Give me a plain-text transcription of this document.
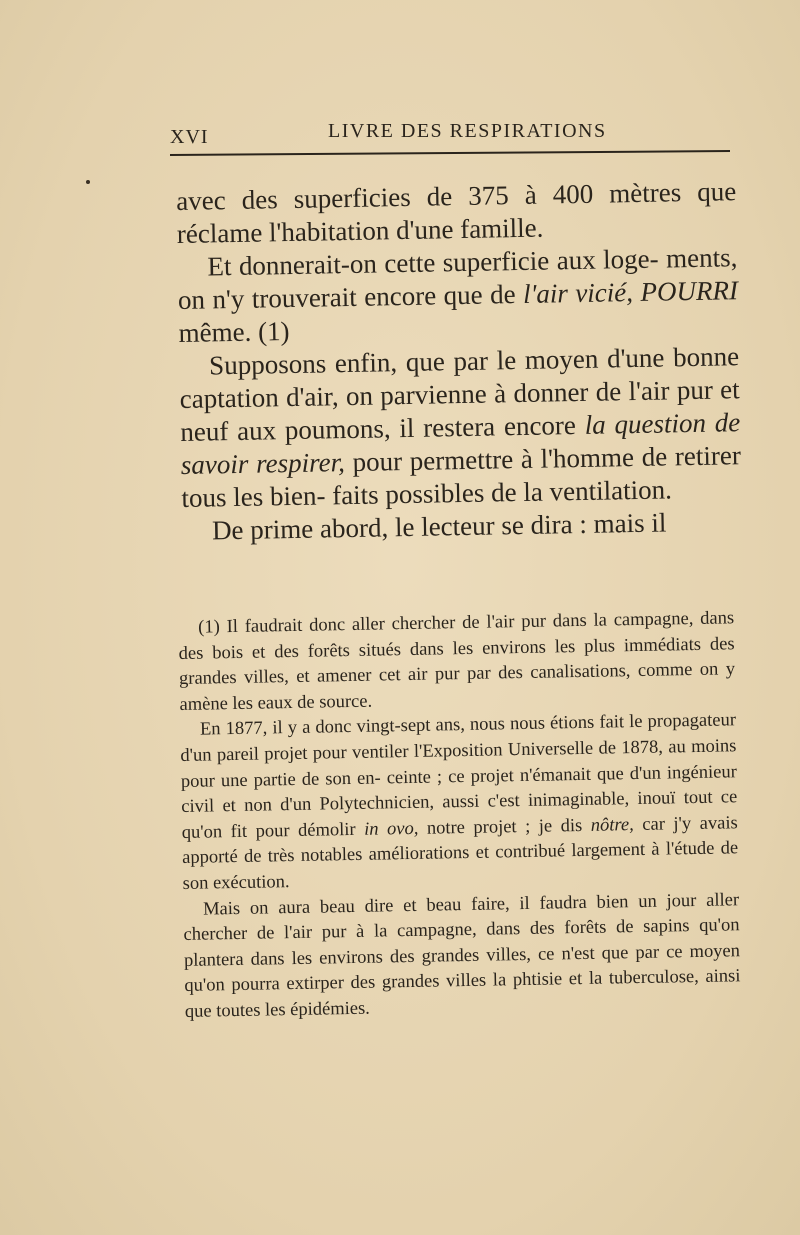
XVI	LIVRE DES RESPIRATIONS

avec des superficies de 375 à 400 mètres que réclame l'habitation d'une famille.

Et donnerait-on cette superficie aux loge- ments, on n'y trouverait encore que de l'air vicié, POURRI même. (1)

Supposons enfin, que par le moyen d'une bonne captation d'air, on parvienne à donner de l'air pur et neuf aux poumons, il restera encore la question de savoir respirer, pour permettre à l'homme de retirer tous les bien- faits possibles de la ventilation.

De prime abord, le lecteur se dira : mais il

(1) Il faudrait donc aller chercher de l'air pur dans la campagne, dans des bois et des forêts situés dans les environs les plus immédiats des grandes villes, et amener cet air pur par des canalisations, comme on y amène les eaux de source.

En 1877, il y a donc vingt-sept ans, nous nous étions fait le propagateur d'un pareil projet pour ventiler l'Exposition Universelle de 1878, au moins pour une partie de son en- ceinte ; ce projet n'émanait que d'un ingénieur civil et non d'un Polytechnicien, aussi c'est inimaginable, inouï tout ce qu'on fit pour démolir in ovo, notre projet ; je dis nôtre, car j'y avais apporté de très notables améliorations et contribué largement à l'étude de son exécution.

Mais on aura beau dire et beau faire, il faudra bien un jour aller chercher de l'air pur à la campagne, dans des forêts de sapins qu'on plantera dans les environs des grandes villes, ce n'est que par ce moyen qu'on pourra extirper des grandes villes la phtisie et la tuberculose, ainsi que toutes les épidémies.
